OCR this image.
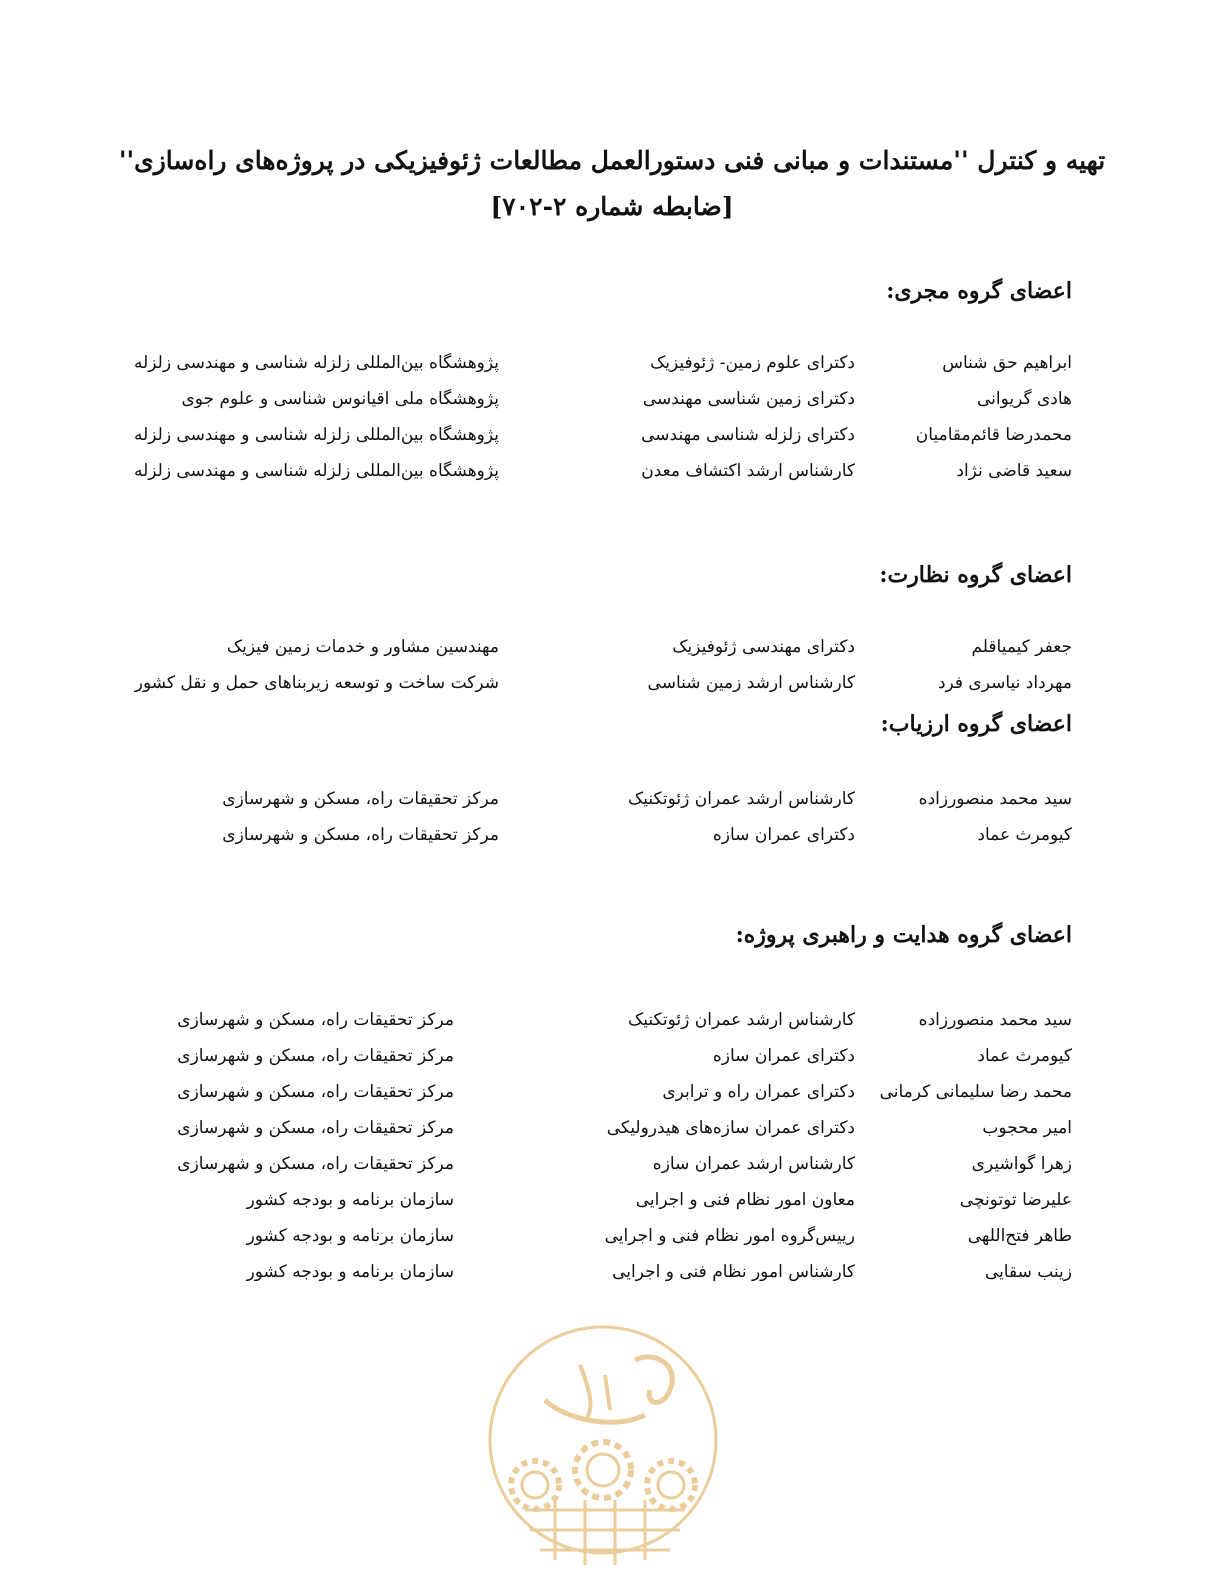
تهیه و کنترل ''مستندات و مبانی فنی دستورالعمل مطالعات ژئوفیزیکی در پروژه‌های راه‌سازی''
[ضابطه شماره ۲-۷۰۲]
اعضای گروه مجری:
ابراهیم حق شناس
دکترای علوم زمین- ژئوفیزیک
پژوهشگاه بین‌المللی زلزله شناسی و مهندسی زلزله
هادی گریوانی
دکترای زمین شناسی مهندسی
پژوهشگاه ملی اقیانوس شناسی و علوم جوی
محمدرضا قائم‌مقامیان
دکترای زلزله شناسی مهندسی
پژوهشگاه بین‌المللی زلزله شناسی و مهندسی زلزله
سعید قاضی نژاد
کارشناس ارشد اکتشاف معدن
پژوهشگاه بین‌المللی زلزله شناسی و مهندسی زلزله
اعضای گروه نظارت:
جعفر کیمیاقلم
دکترای مهندسی ژئوفیزیک
مهندسین مشاور و خدمات زمین فیزیک
مهرداد نیاسری فرد
کارشناس ارشد زمین شناسی
شرکت ساخت و توسعه زیربناهای حمل و نقل کشور
اعضای گروه ارزیاب:
سید محمد منصورزاده
کارشناس ارشد عمران ژئوتکنیک
مرکز تحقیقات راه، مسکن و شهرسازی
کیومرث عماد
دکترای عمران سازه
مرکز تحقیقات راه، مسکن و شهرسازی
اعضای گروه هدایت و راهبری پروژه:
سید محمد منصورزاده
کارشناس ارشد عمران ژئوتکنیک
مرکز تحقیقات راه، مسکن و شهرسازی
کیومرث عماد
دکترای عمران سازه
مرکز تحقیقات راه، مسکن و شهرسازی
محمد رضا سلیمانی کرمانی
دکترای عمران راه و ترابری
مرکز تحقیقات راه، مسکن و شهرسازی
امیر محجوب
دکترای عمران سازه‌های هیدرولیکی
مرکز تحقیقات راه، مسکن و شهرسازی
زهرا گواشیری
کارشناس ارشد عمران سازه
مرکز تحقیقات راه، مسکن و شهرسازی
علیرضا توتونچی
معاون امور نظام فنی و اجرایی
سازمان برنامه و بودجه کشور
طاهر فتح‌اللهی
رییس‌گروه امور نظام فنی و اجرایی
سازمان برنامه و بودجه کشور
زینب سقایی
کارشناس امور نظام فنی و اجرایی
سازمان برنامه و بودجه کشور
